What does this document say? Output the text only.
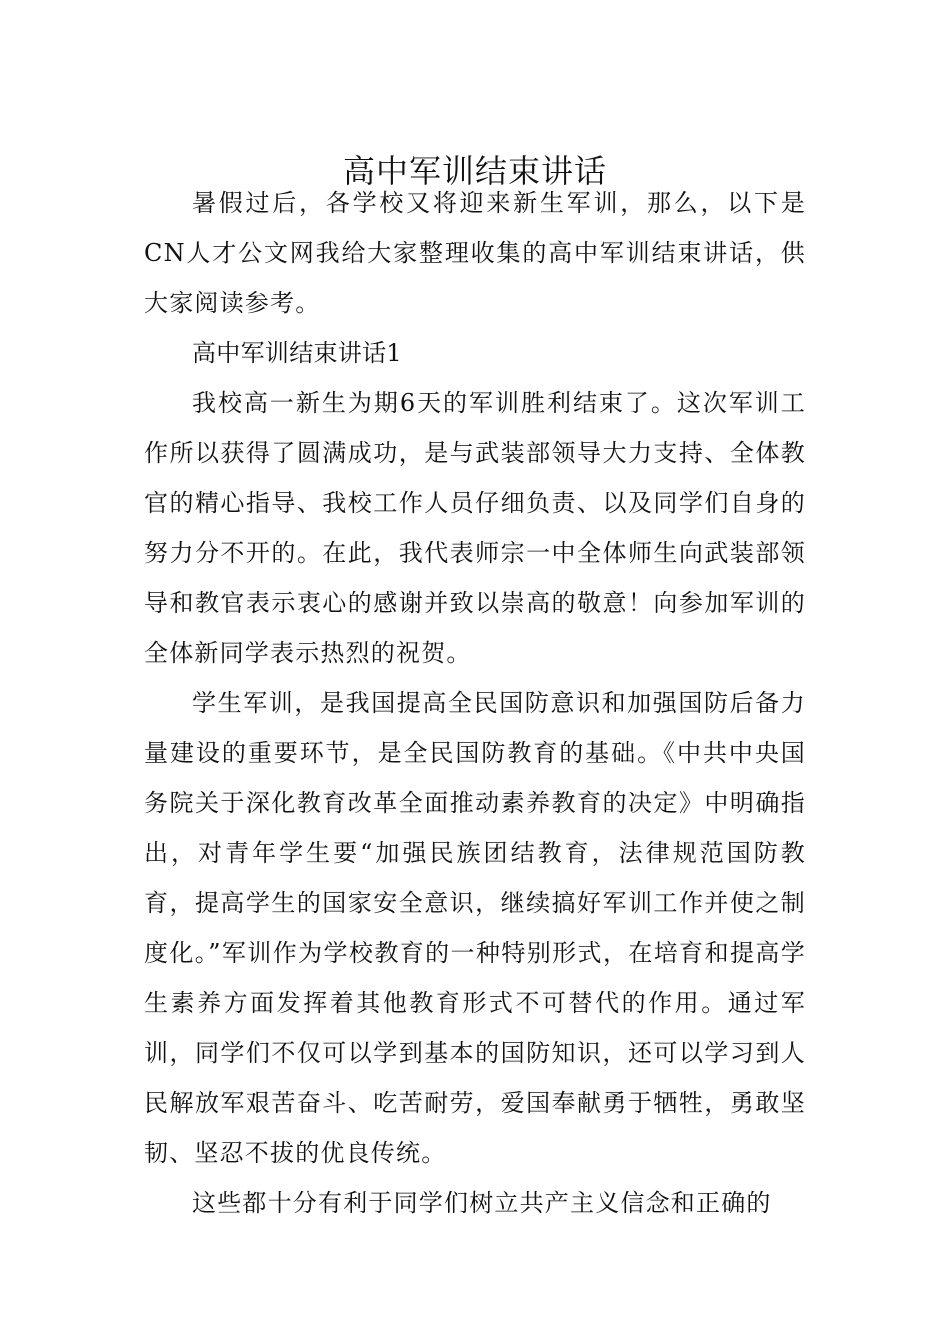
高中军训结束讲话

暑假过后，各学校又将迎来新生军训，那么，以下是CN人才公文网我给大家整理收集的高中军训结束讲话，供大家阅读参考。

高中军训结束讲话1

我校高一新生为期6天的军训胜利结束了。这次军训工作所以获得了圆满成功，是与武装部领导大力支持、全体教官的精心指导、我校工作人员仔细负责、以及同学们自身的努力分不开的。在此，我代表师宗一中全体师生向武装部领导和教官表示衷心的感谢并致以崇高的敬意！向参加军训的全体新同学表示热烈的祝贺。

学生军训，是我国提高全民国防意识和加强国防后备力量建设的重要环节，是全民国防教育的基础。《中共中央国务院关于深化教育改革全面推动素养教育的决定》中明确指出，对青年学生要“加强民族团结教育，法律规范国防教育，提高学生的国家安全意识，继续搞好军训工作并使之制度化。”军训作为学校教育的一种特别形式，在培育和提高学生素养方面发挥着其他教育形式不可替代的作用。通过军训，同学们不仅可以学到基本的国防知识，还可以学习到人民解放军艰苦奋斗、吃苦耐劳，爱国奉献勇于牺牲，勇敢坚韧、坚忍不拔的优良传统。

这些都十分有利于同学们树立共产主义信念和正确的
